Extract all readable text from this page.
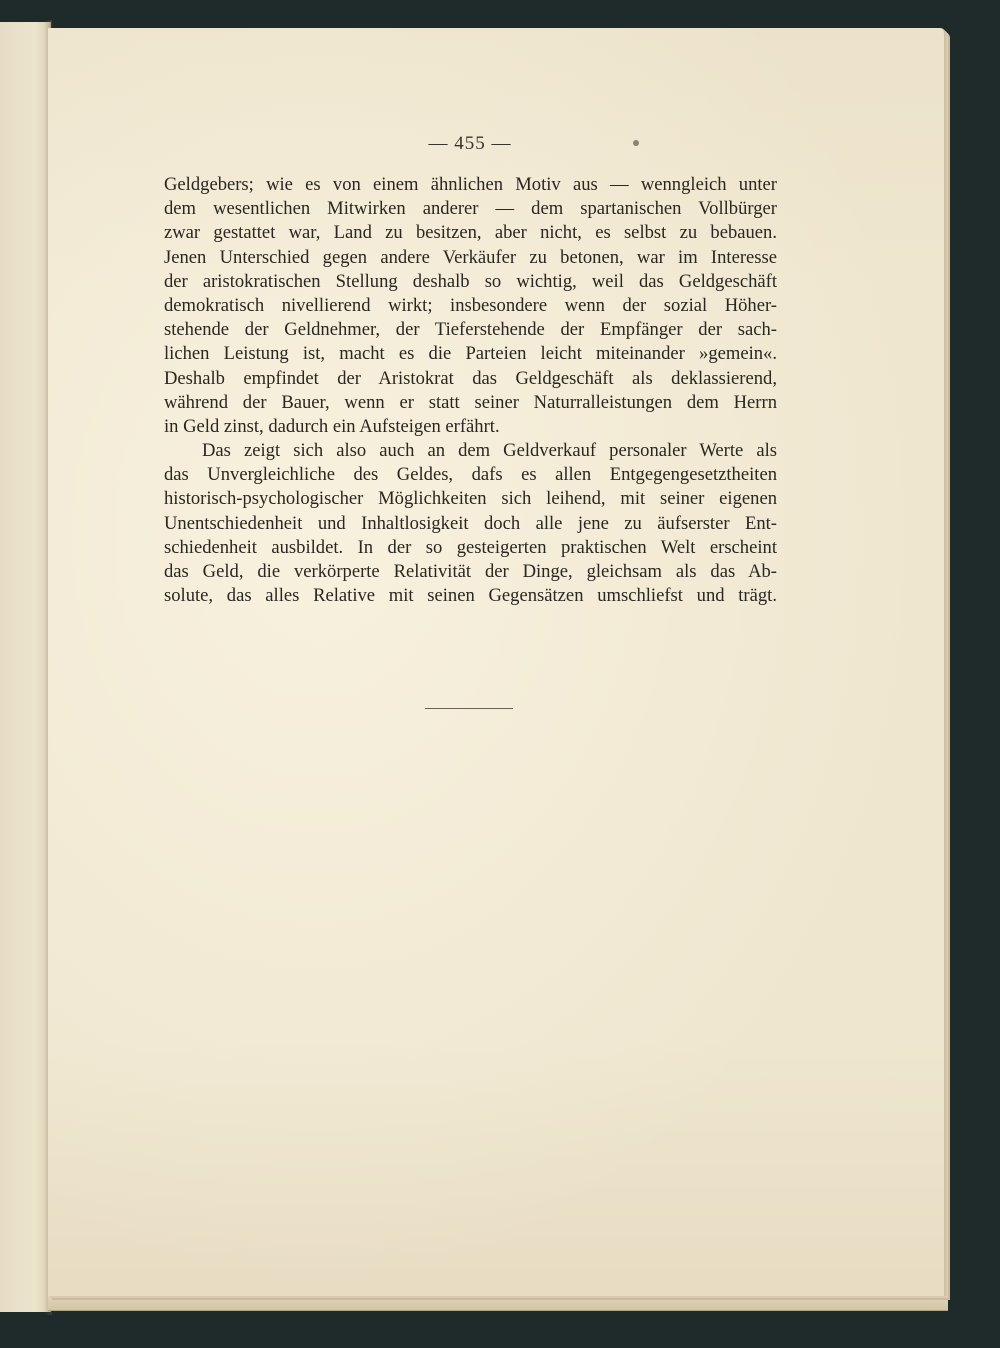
— 455 —
Geldgebers; wie es von einem ähnlichen Motiv aus — wenngleich unter
dem wesentlichen Mitwirken anderer — dem spartanischen Vollbürger
zwar gestattet war, Land zu besitzen, aber nicht, es selbst zu bebauen.
Jenen Unterschied gegen andere Verkäufer zu betonen, war im Interesse
der aristokratischen Stellung deshalb so wichtig, weil das Geldgeschäft
demokratisch nivellierend wirkt; insbesondere wenn der sozial Höher-
stehende der Geldnehmer, der Tieferstehende der Empfänger der sach-
lichen Leistung ist, macht es die Parteien leicht miteinander »gemein«.
Deshalb empfindet der Aristokrat das Geldgeschäft als deklassierend,
während der Bauer, wenn er statt seiner Naturralleistungen dem Herrn
in Geld zinst, dadurch ein Aufsteigen erfährt.
Das zeigt sich also auch an dem Geldverkauf personaler Werte als
das Unvergleichliche des Geldes, dafs es allen Entgegengesetztheiten
historisch-psychologischer Möglichkeiten sich leihend, mit seiner eigenen
Unentschiedenheit und Inhaltlosigkeit doch alle jene zu äufserster Ent-
schiedenheit ausbildet. In der so gesteigerten praktischen Welt erscheint
das Geld, die verkörperte Relativität der Dinge, gleichsam als das Ab-
solute, das alles Relative mit seinen Gegensätzen umschliefst und trägt.
